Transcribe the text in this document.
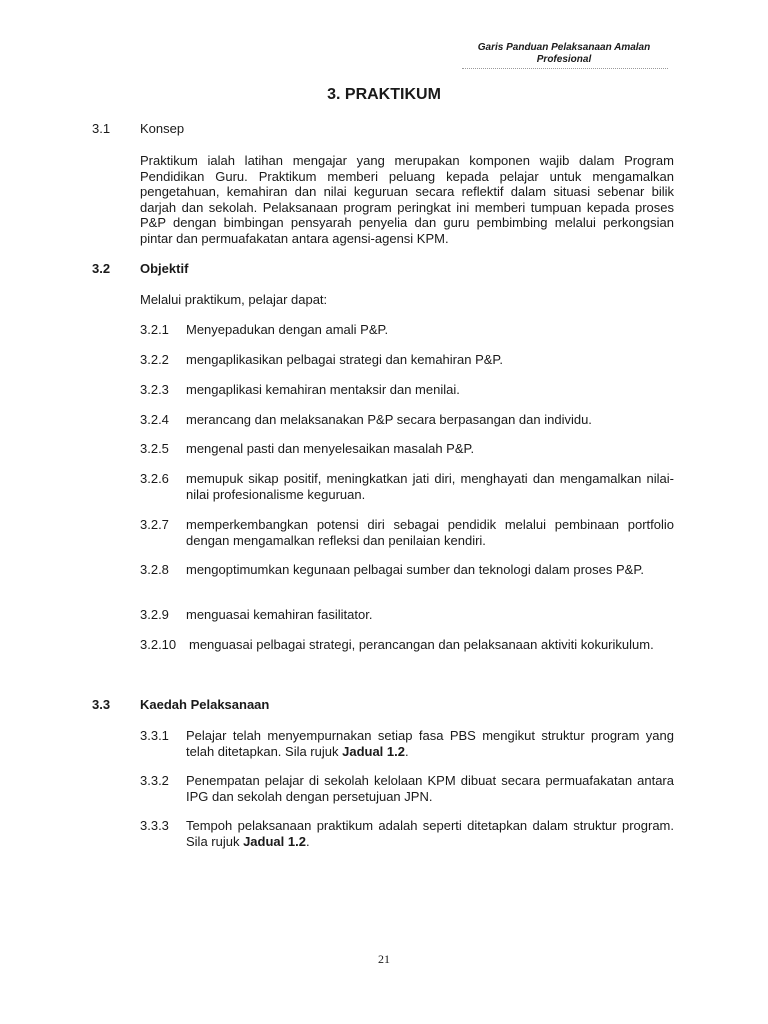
Garis Panduan Pelaksanaan Amalan
Profesional
3. PRAKTIKUM
3.1 Konsep
Praktikum ialah latihan mengajar yang merupakan komponen wajib dalam Program Pendidikan Guru. Praktikum memberi peluang kepada pelajar untuk mengamalkan pengetahuan, kemahiran dan nilai keguruan secara reflektif dalam situasi sebenar bilik darjah dan sekolah. Pelaksanaan program peringkat ini memberi tumpuan kepada proses P&P dengan bimbingan pensyarah penyelia dan guru pembimbing melalui perkongsian pintar dan permuafakatan antara agensi-agensi KPM.
3.2 Objektif
Melalui praktikum, pelajar dapat:
3.2.1 Menyepadukan dengan amali P&P.
3.2.2 mengaplikasikan pelbagai strategi dan kemahiran P&P.
3.2.3 mengaplikasi kemahiran mentaksir dan menilai.
3.2.4 merancang dan melaksanakan P&P secara berpasangan dan individu.
3.2.5 mengenal pasti dan menyelesaikan masalah P&P.
3.2.6 memupuk sikap positif, meningkatkan jati diri, menghayati dan mengamalkan nilai-nilai profesionalisme keguruan.
3.2.7 memperkembangkan potensi diri sebagai pendidik melalui pembinaan portfolio dengan mengamalkan refleksi dan penilaian kendiri.
3.2.8 mengoptimumkan kegunaan pelbagai sumber dan teknologi dalam proses P&P.
3.2.9 menguasai kemahiran fasilitator.
3.2.10 menguasai pelbagai strategi, perancangan dan pelaksanaan aktiviti kokurikulum.
3.3 Kaedah Pelaksanaan
3.3.1 Pelajar telah menyempurnakan setiap fasa PBS mengikut struktur program yang telah ditetapkan. Sila rujuk Jadual 1.2.
3.3.2 Penempatan pelajar di sekolah kelolaan KPM dibuat secara permuafakatan antara IPG dan sekolah dengan persetujuan JPN.
3.3.3 Tempoh pelaksanaan praktikum adalah seperti ditetapkan dalam struktur program. Sila rujuk Jadual 1.2.
21
